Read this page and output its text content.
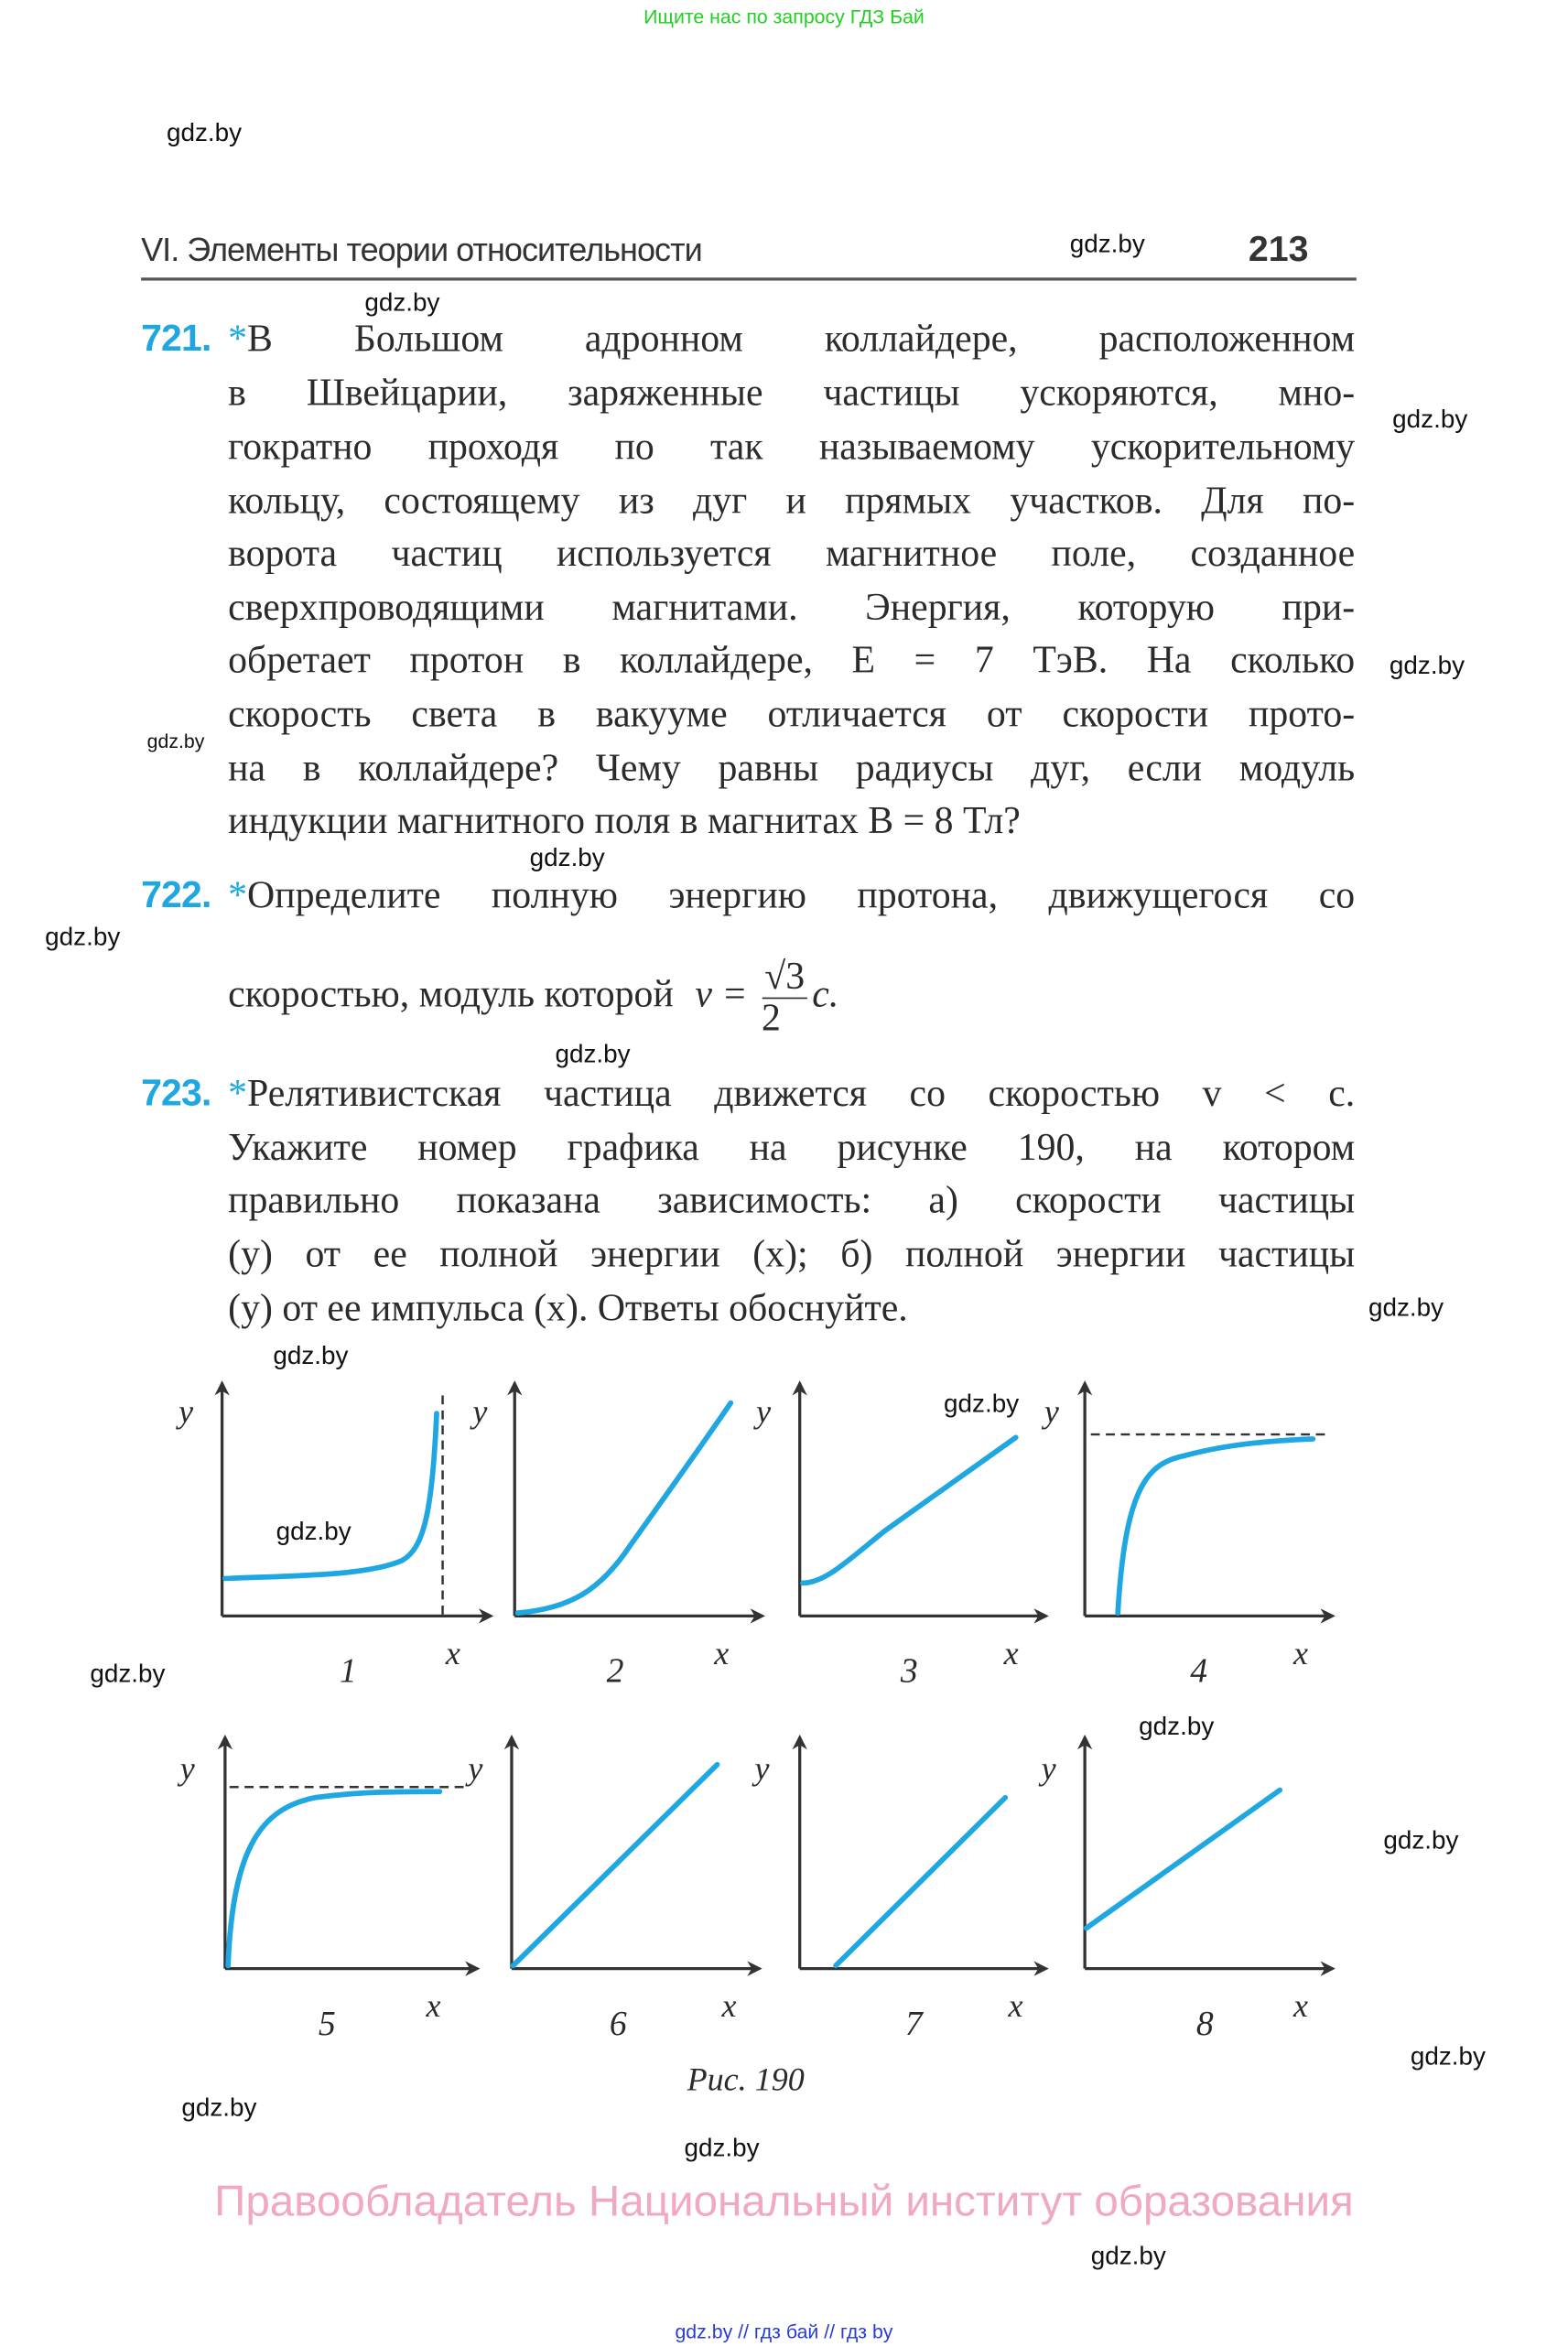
Ищите нас по запросу ГДЗ Бай
VI. Элементы теории относительности	213
721. *В Большом адронном коллайдере, расположенном
в Швейцарии, заряженные частицы ускоряются, мно-
гократно проходя по так называемому ускорительному
кольцу, состоящему из дуг и прямых участков. Для по-
ворота частиц используется магнитное поле, созданное
сверхпроводящими магнитами. Энергия, которую при-
обретает протон в коллайдере, E = 7 ТэВ. На сколько
скорость света в вакууме отличается от скорости прото-
на в коллайдере? Чему равны радиусы дуг, если модуль
индукции магнитного поля в магнитах B = 8 Тл?
722. *Определите полную энергию протона, движущегося со
скоростью, модуль которой $v = \frac{√3}{2} c$.
723. *Релятивистская частица движется со скоростью v < c.
Укажите номер графика на рисунке 190, на котором
правильно показана зависимость: а) скорости частицы
(y) от ее полной энергии (x); б) полной энергии частицы
(y) от ее импульса (x). Ответы обоснуйте.
y	y	y	y
y	y	y	y
x	x	x	x
x	x	x	x
1	2	3	4
5	6	7	8
Рис. 190
gdz.by
gdz.by
gdz.by
gdz.by
gdz.by
gdz.by
gdz.by
gdz.by
gdz.by
gdz.by
gdz.by
gdz.by
gdz.by
gdz.by
gdz.by
gdz.by
gdz.by
gdz.by
gdz.by
gdz.by
Правообладатель Национальный институт образования
gdz.by // гдз бай // гдз by
